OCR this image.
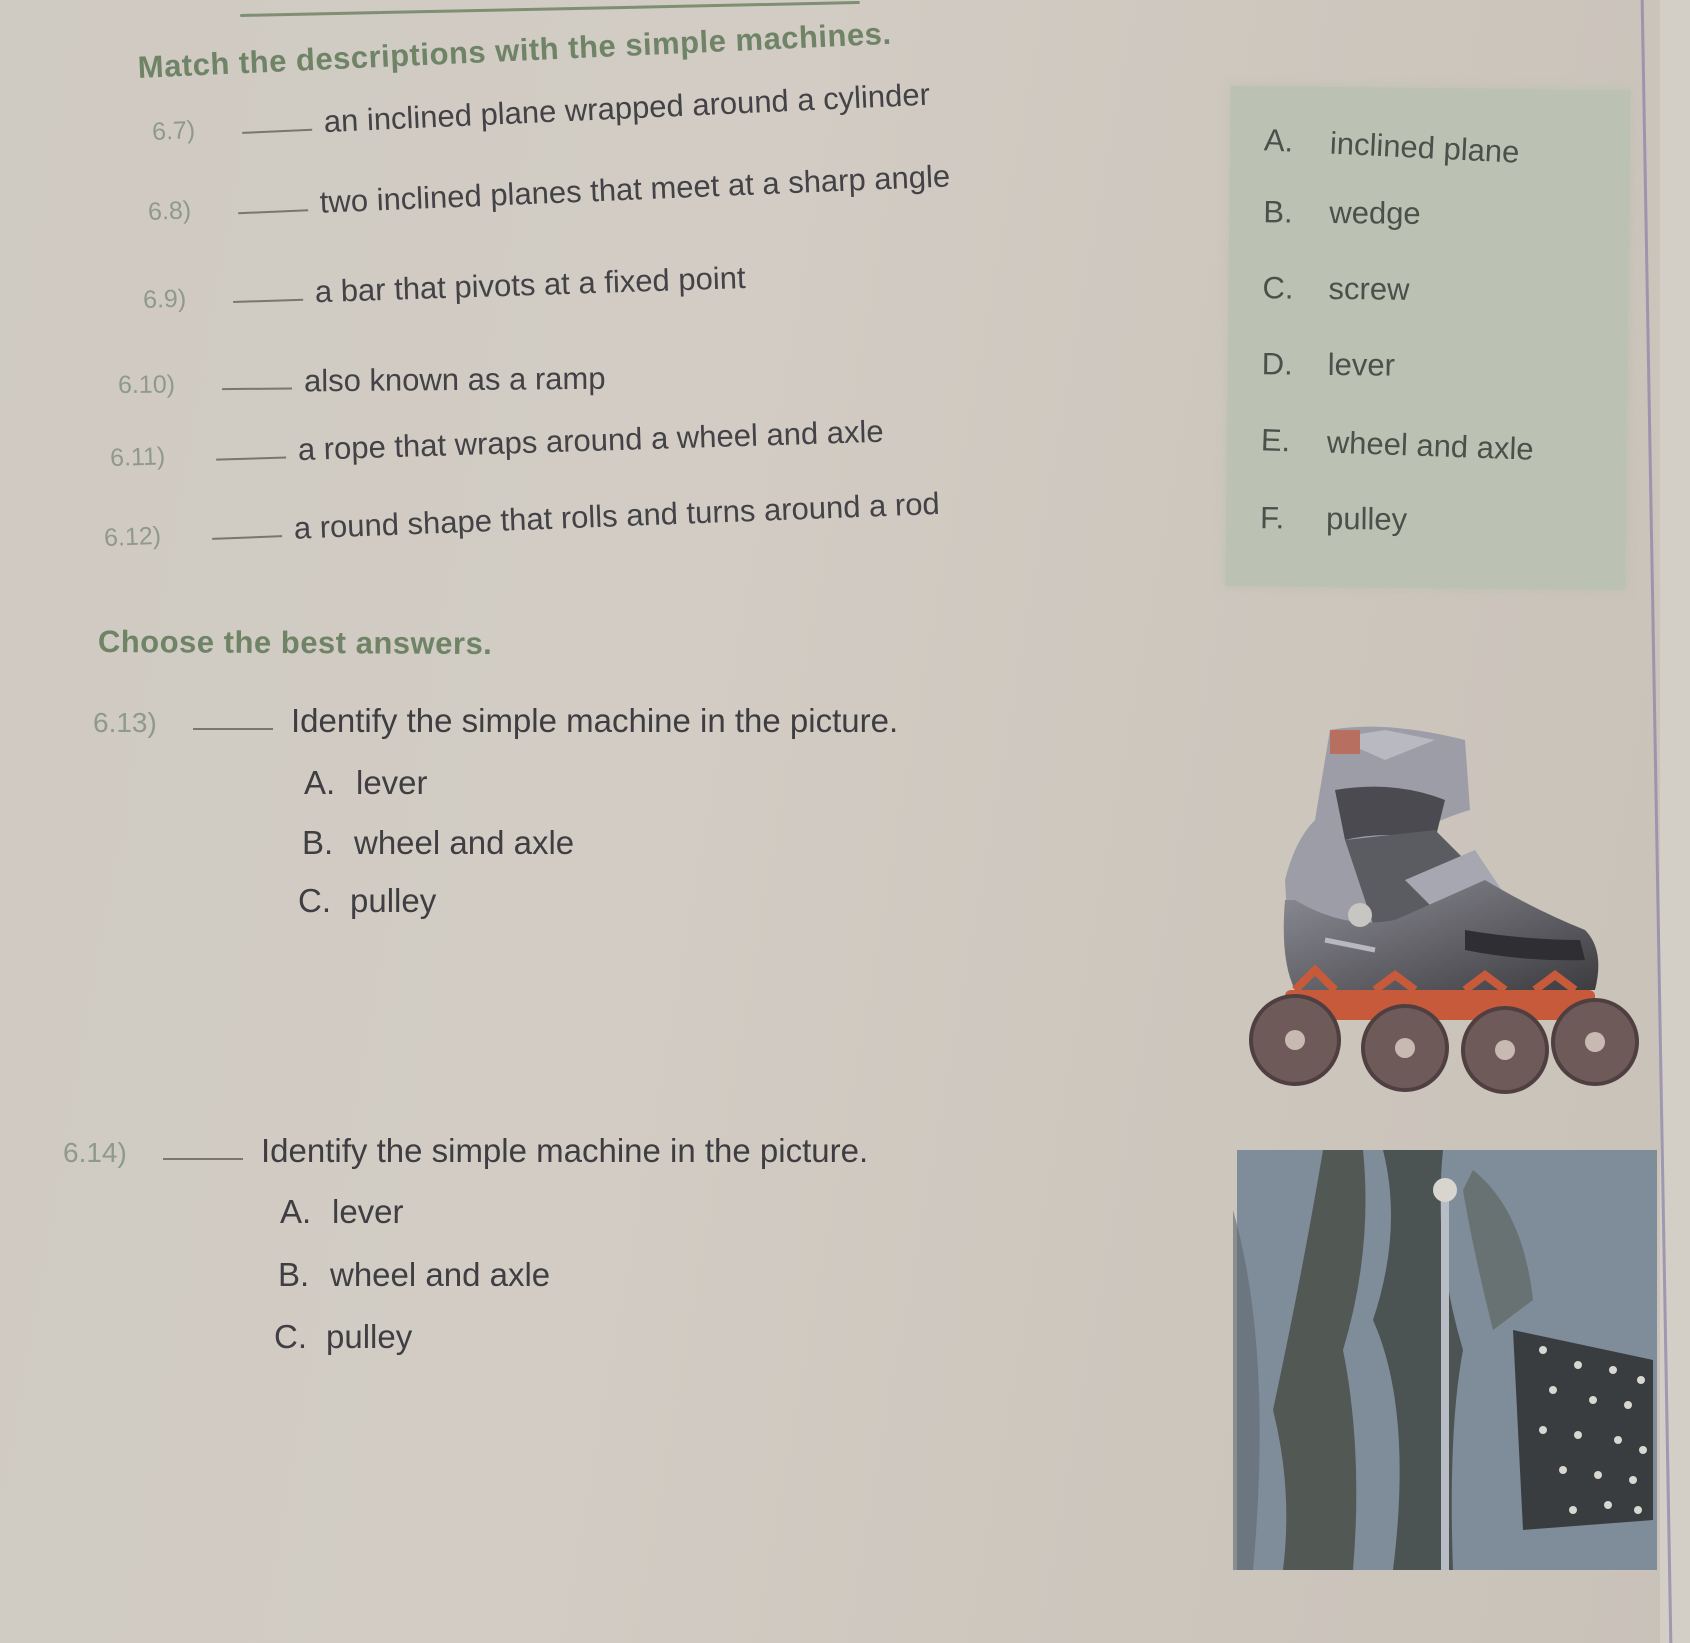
Match the descriptions with the simple machines.
6.7)	an inclined plane wrapped around a cylinder
6.8)	two inclined planes that meet at a sharp angle
6.9)	a bar that pivots at a fixed point
6.10)	also known as a ramp
6.11)	a rope that wraps around a wheel and axle
6.12)	a round shape that rolls and turns around a rod
A.	inclined plane
B.	wedge
C.	screw
D.	lever
E.	wheel and axle
F.	pulley
Choose the best answers.
6.13)	Identify the simple machine in the picture.
A. lever
B. wheel and axle
C. pulley
6.14)	Identify the simple machine in the picture.
A. lever
B. wheel and axle
C. pulley
